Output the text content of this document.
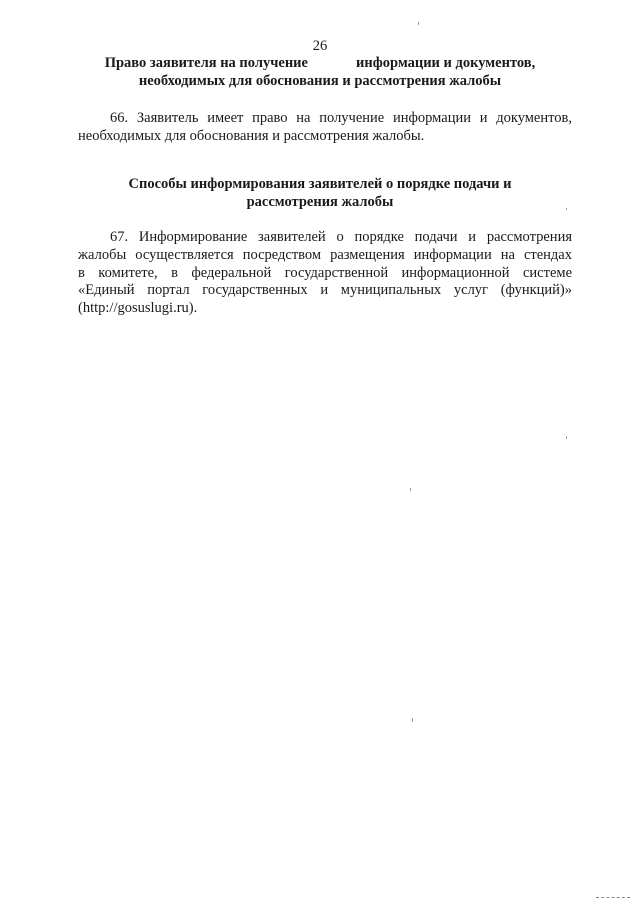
26
Право заявителя на получение	информации и документов,
необходимых для обоснования и рассмотрения жалобы
66. Заявитель имеет право на получение информации и документов,
необходимых для обоснования и рассмотрения жалобы.
Способы информирования заявителей о порядке подачи и
рассмотрения жалобы
67. Информирование заявителей о порядке подачи и рассмотрения
жалобы осуществляется посредством размещения информации на стендах
в комитете, в федеральной государственной информационной системе
«Единый портал государственных и муниципальных услуг (функций)»
(http://gosuslugi.ru).
